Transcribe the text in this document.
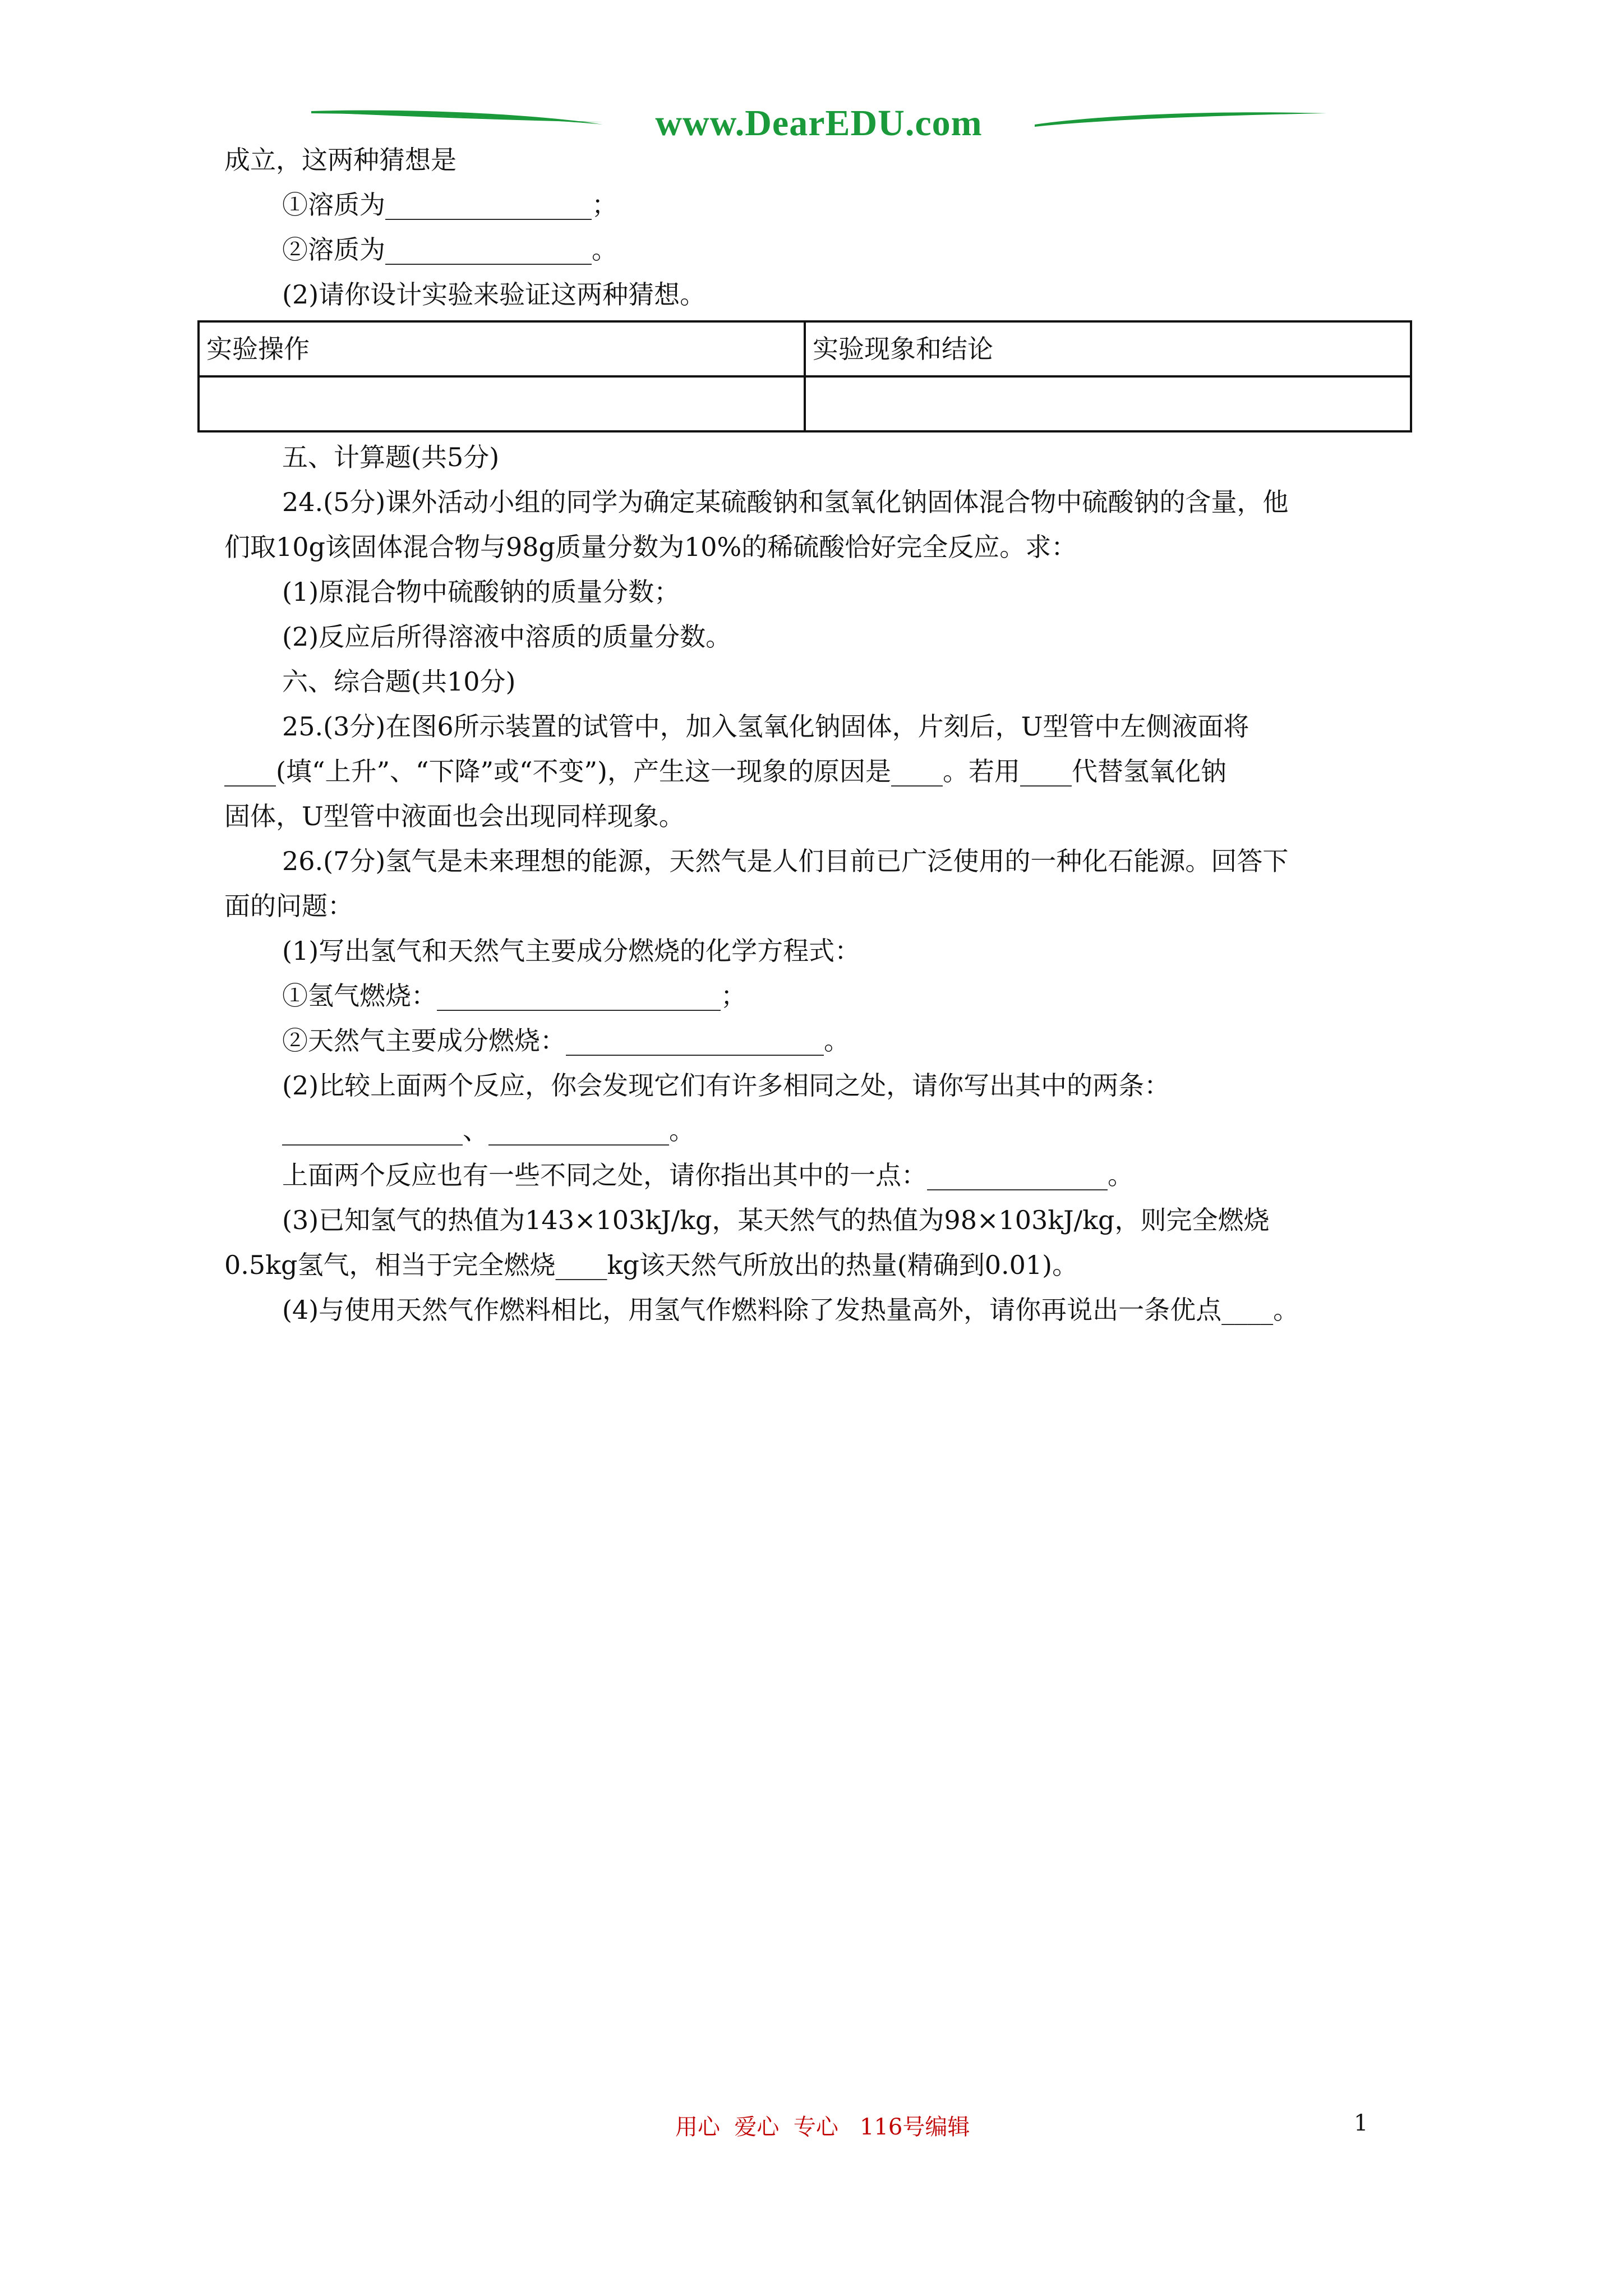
www.DearEDU.com
成立，这两种猜想是
①溶质为________________；
②溶质为________________。
(2)请你设计实验来验证这两种猜想。
实验操作	实验现象和结论

五、计算题(共5分)
24.(5分)课外活动小组的同学为确定某硫酸钠和氢氧化钠固体混合物中硫酸钠的含量，他
们取10g该固体混合物与98g质量分数为10%的稀硫酸恰好完全反应。求：
(1)原混合物中硫酸钠的质量分数；
(2)反应后所得溶液中溶质的质量分数。
六、综合题(共10分)
25.(3分)在图6所示装置的试管中，加入氢氧化钠固体，片刻后，U型管中左侧液面将
____(填“上升”、“下降”或“不变”)，产生这一现象的原因是____。若用____代替氢氧化钠
固体，U型管中液面也会出现同样现象。
26.(7分)氢气是未来理想的能源，天然气是人们目前已广泛使用的一种化石能源。回答下
面的问题：
(1)写出氢气和天然气主要成分燃烧的化学方程式：
①氢气燃烧：______________________；
②天然气主要成分燃烧：____________________。
(2)比较上面两个反应，你会发现它们有许多相同之处，请你写出其中的两条：
______________、______________。
上面两个反应也有一些不同之处，请你指出其中的一点：______________。
(3)已知氢气的热值为143×103kJ/kg，某天然气的热值为98×103kJ/kg，则完全燃烧
0.5kg氢气，相当于完全燃烧____kg该天然气所放出的热量(精确到0.01)。
(4)与使用天然气作燃料相比，用氢气作燃料除了发热量高外，请你再说出一条优点____。
用心  爱心  专心   116号编辑	1
